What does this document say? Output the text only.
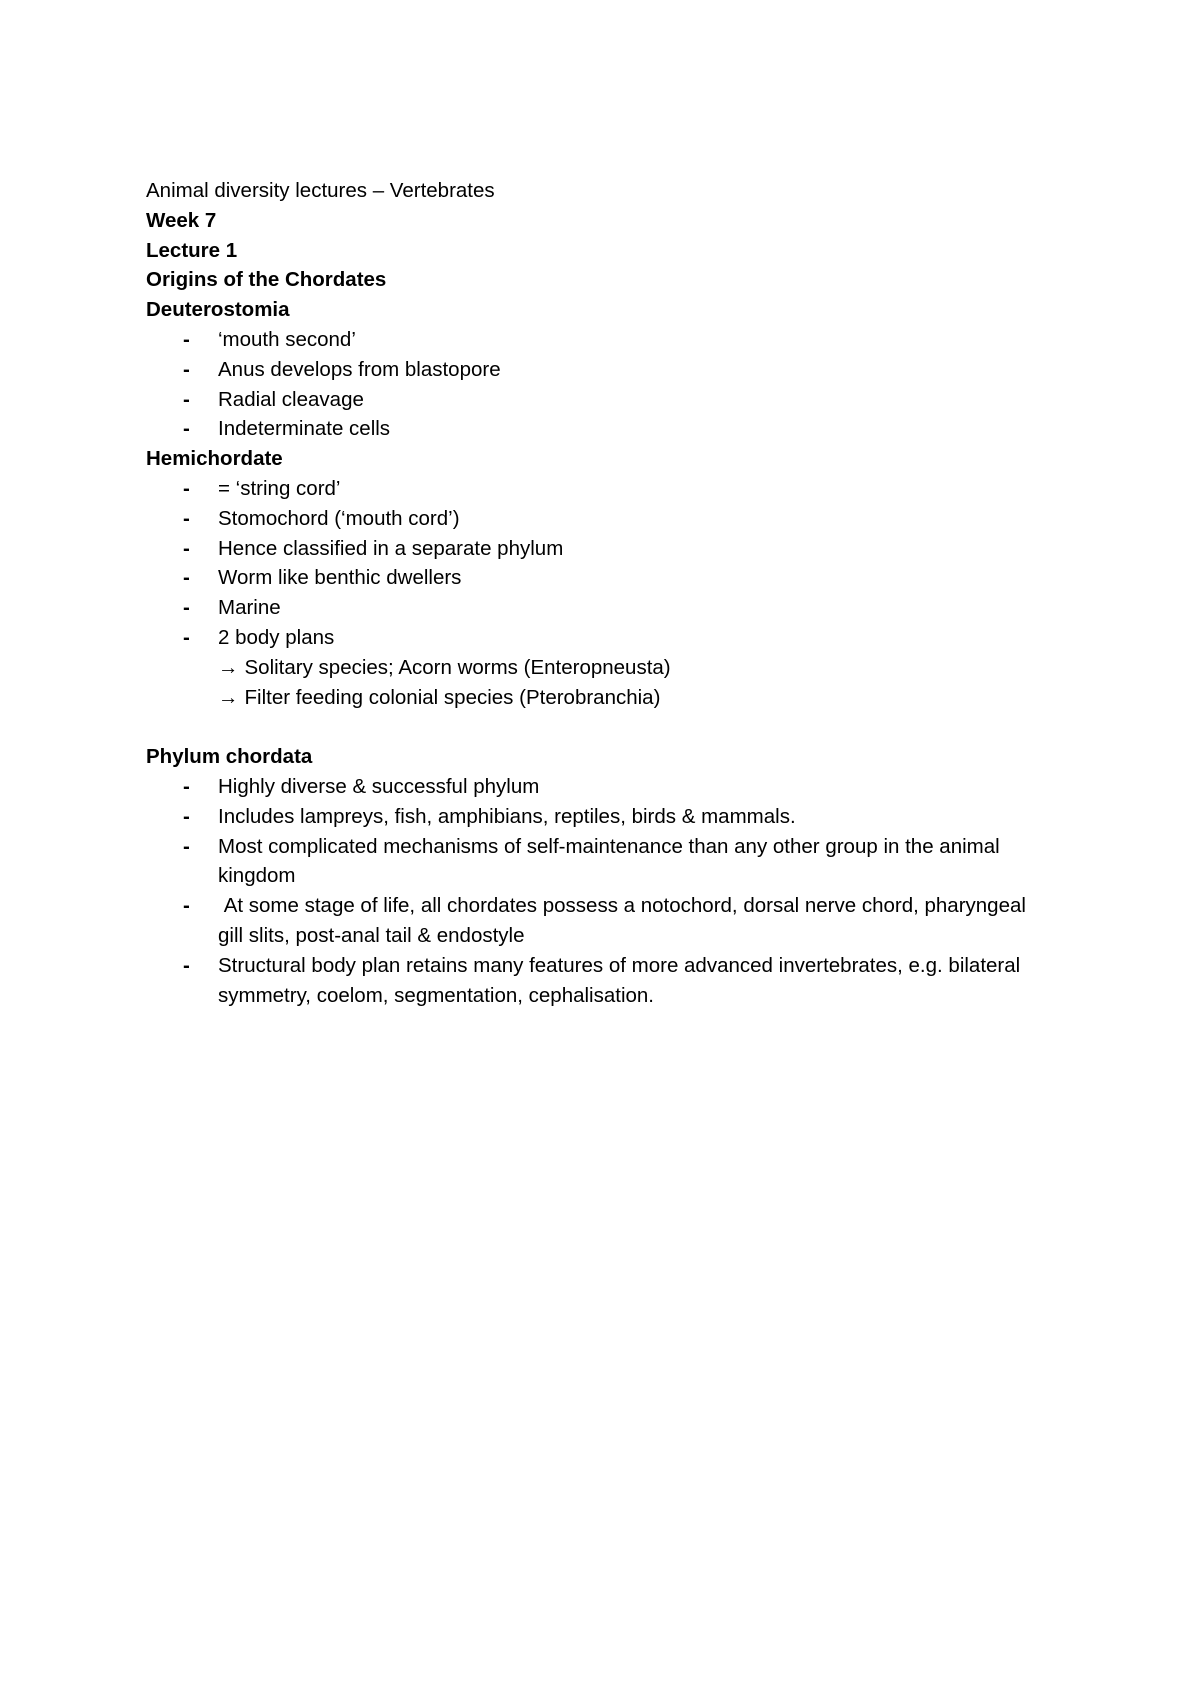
Animal diversity lectures – Vertebrates
Week 7
Lecture 1
Origins of the Chordates
Deuterostomia
- ‘mouth second’
- Anus develops from blastopore
- Radial cleavage
- Indeterminate cells
Hemichordate
- = ‘string cord’
- Stomochord (‘mouth cord’)
- Hence classified in a separate phylum
- Worm like benthic dwellers
- Marine
- 2 body plans
→ Solitary species; Acorn worms (Enteropneusta)
→ Filter feeding colonial species (Pterobranchia)
Phylum chordata
- Highly diverse & successful phylum
- Includes lampreys, fish, amphibians, reptiles, birds & mammals.
- Most complicated mechanisms of self-maintenance than any other group in the animal kingdom
- At some stage of life, all chordates possess a notochord, dorsal nerve chord, pharyngeal gill slits, post-anal tail & endostyle
- Structural body plan retains many features of more advanced invertebrates, e.g. bilateral symmetry, coelom, segmentation, cephalisation.
